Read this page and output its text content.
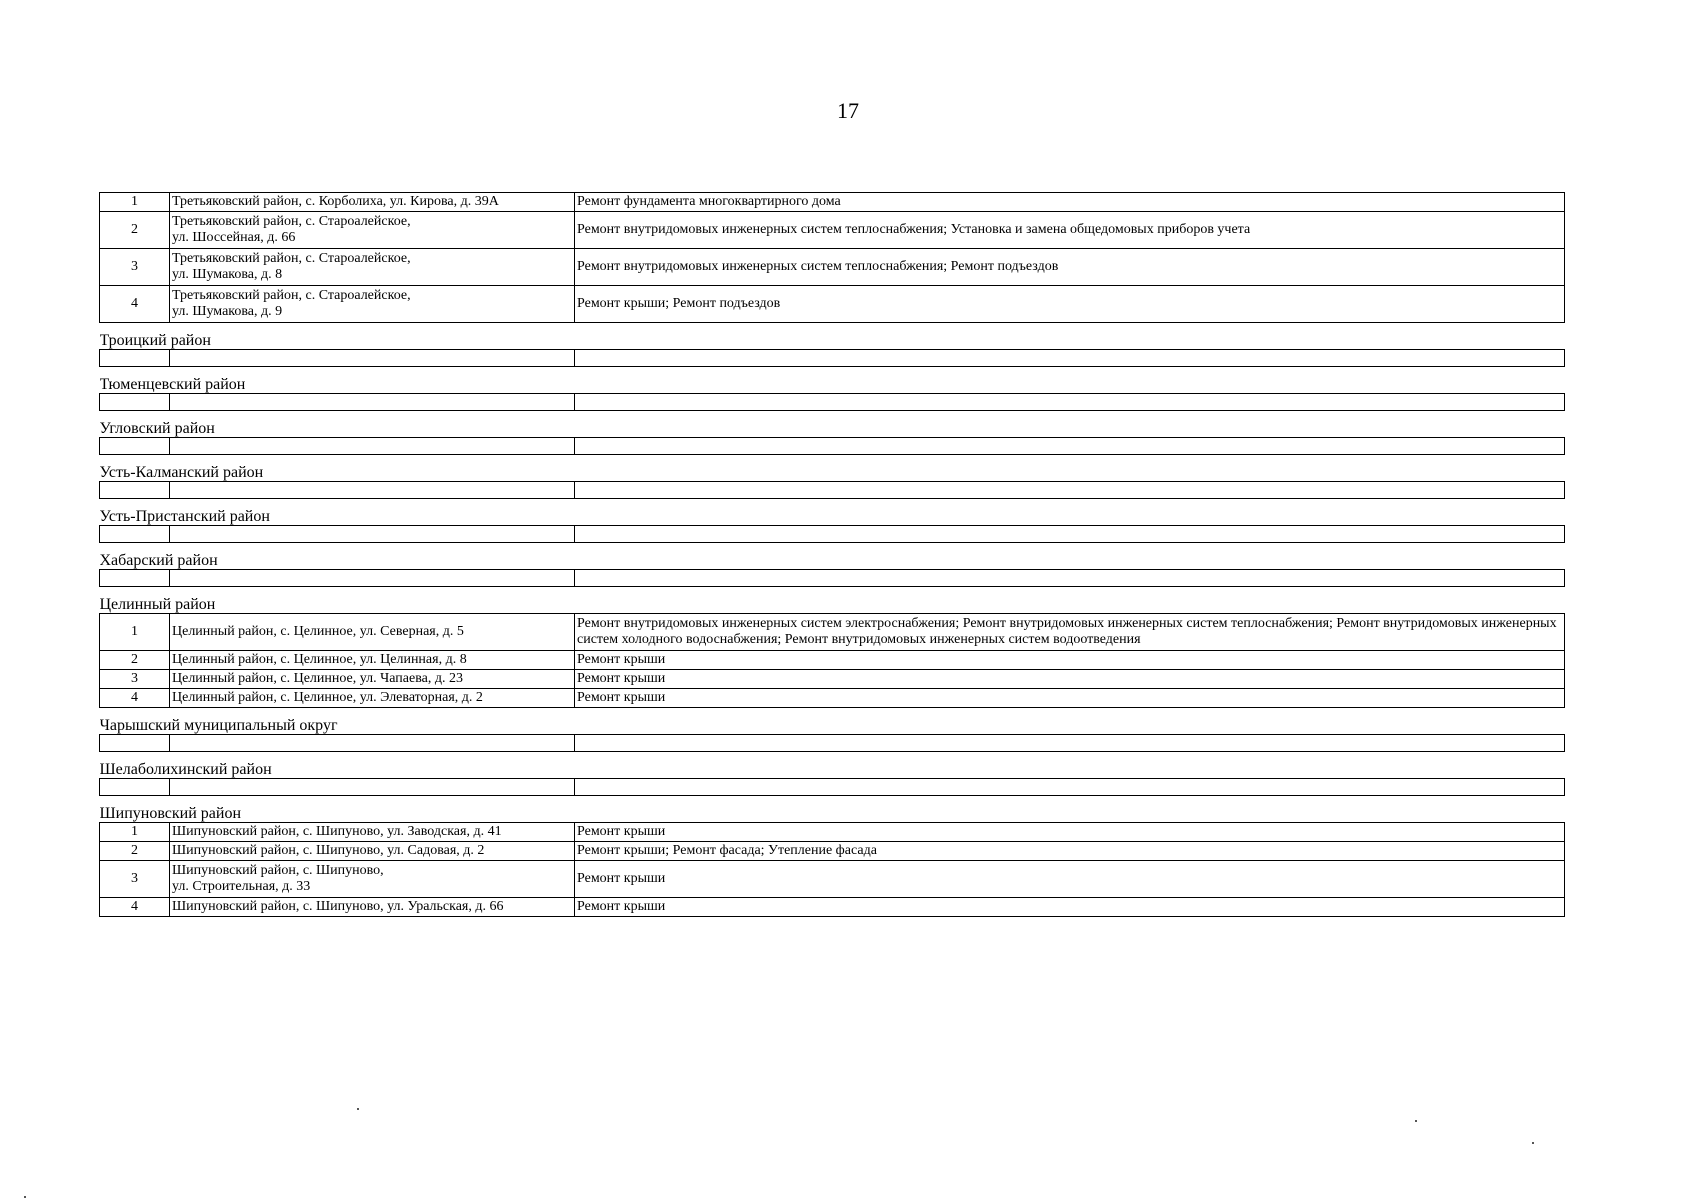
17
1	Третьяковский район, с. Корболиха, ул. Кирова, д. 39А	Ремонт фундамента многоквартирного дома
2	Третьяковский район, с. Староалейское,
ул. Шоссейная, д. 66	Ремонт внутридомовых инженерных систем теплоснабжения; Установка и замена общедомовых приборов учета
3	Третьяковский район, с. Староалейское,
ул. Шумакова, д. 8	Ремонт внутридомовых инженерных систем теплоснабжения; Ремонт подъездов
4	Третьяковский район, с. Староалейское,
ул. Шумакова, д. 9	Ремонт крыши; Ремонт подъездов
Троицкий район		

Тюменцевский район		

Угловский район		

Усть-Калманский район		

Усть-Пристанский район		

Хабарский район		

Целинный район		
1	Целинный район, с. Целинное, ул. Северная, д. 5	Ремонт внутридомовых инженерных систем электроснабжения; Ремонт внутридомовых инженерных систем теплоснабжения; Ремонт внутридомовых инженерных систем холодного водоснабжения; Ремонт внутридомовых инженерных систем водоотведения
2	Целинный район, с. Целинное, ул. Целинная, д. 8	Ремонт крыши
3	Целинный район, с. Целинное, ул. Чапаева, д. 23	Ремонт крыши
4	Целинный район, с. Целинное, ул. Элеваторная, д. 2	Ремонт крыши
Чарышский муниципальный округ		

Шелаболихинский район		

Шипуновский район		
1	Шипуновский район, с. Шипуново, ул. Заводская, д. 41	Ремонт крыши
2	Шипуновский район, с. Шипуново, ул. Садовая, д. 2	Ремонт крыши; Ремонт фасада; Утепление фасада
3	Шипуновский район, с. Шипуново,
ул. Строительная, д. 33	Ремонт крыши
4	Шипуновский район, с. Шипуново, ул. Уральская, д. 66	Ремонт крыши
